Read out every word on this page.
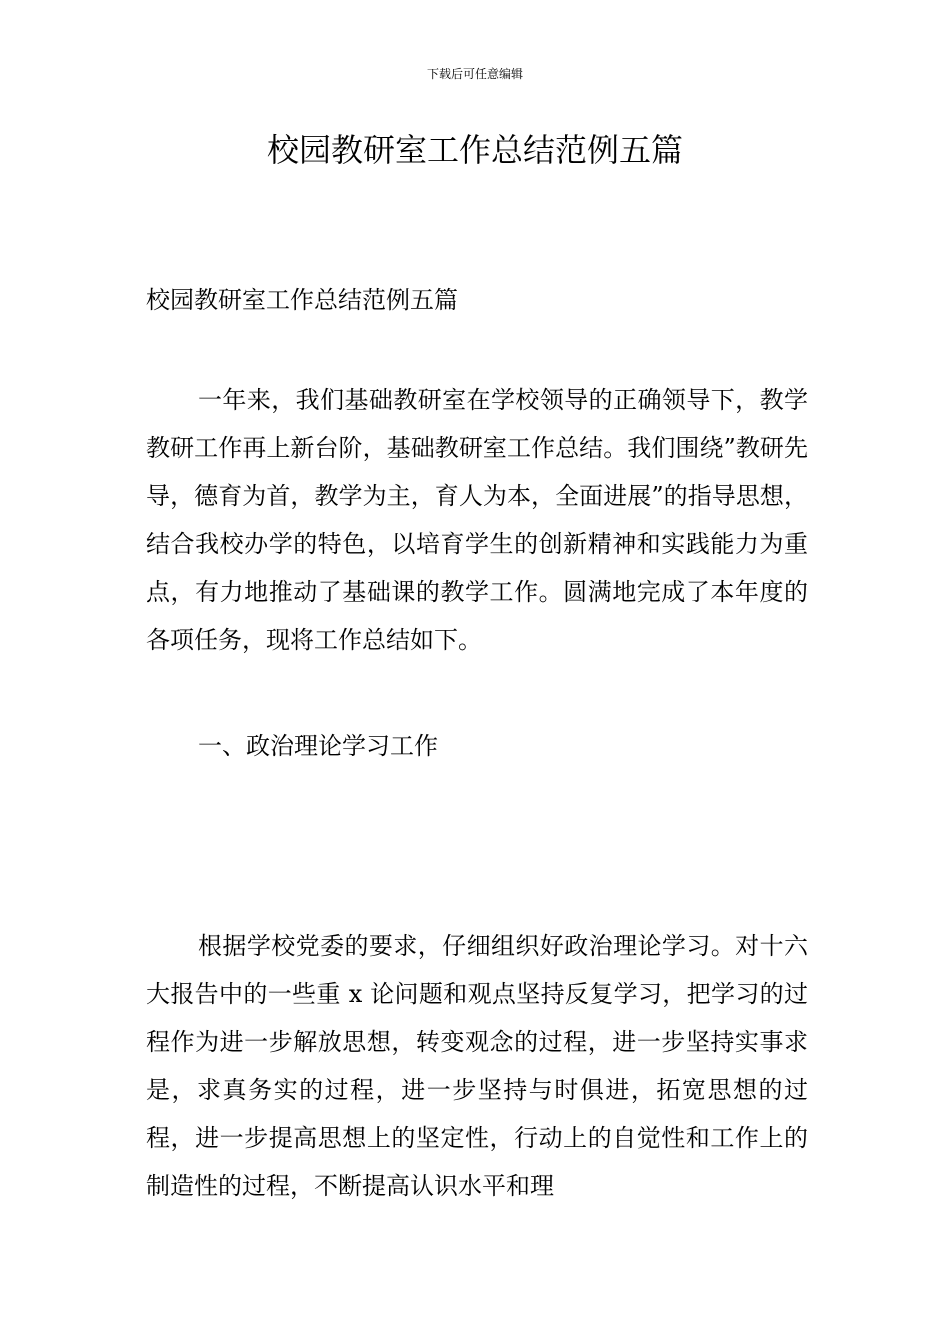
下载后可任意编辑
校园教研室工作总结范例五篇

校园教研室工作总结范例五篇

一年来，我们基础教研室在学校领导的正确领导下，教学教研工作再上新台阶，基础教研室工作总结。我们围绕”教研先导，德育为首，教学为主，育人为本，全面进展”的指导思想，结合我校办学的特色，以培育学生的创新精神和实践能力为重点，有力地推动了基础课的教学工作。圆满地完成了本年度的各项任务，现将工作总结如下。

一、政治理论学习工作

根据学校党委的要求，仔细组织好政治理论学习。对十六大报告中的一些重 x 论问题和观点坚持反复学习，把学习的过程作为进一步解放思想，转变观念的过程，进一步坚持实事求是，求真务实的过程，进一步坚持与时俱进，拓宽思想的过程，进一步提高思想上的坚定性，行动上的自觉性和工作上的制造性的过程，不断提高认识水平和理
